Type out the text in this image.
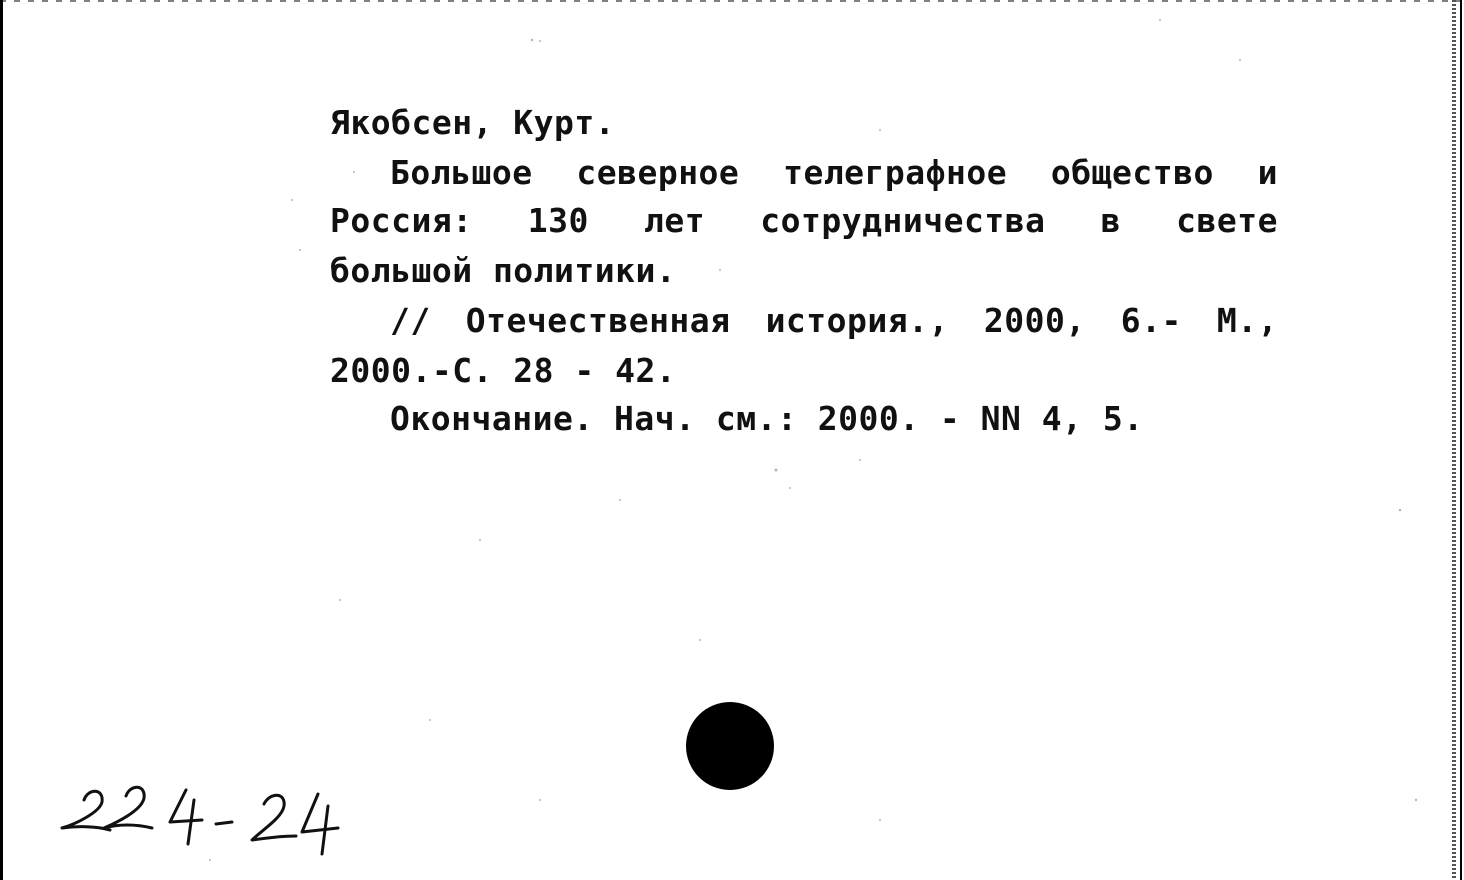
Якобсен, Курт.
Большое северное телеграфное общество и
Россия: 130 лет сотрудничества в свете
большой политики.
// Отечественная история., 2000, 6.- М.,
2000.-С. 28 - 42.
Окончание. Нач. см.: 2000. - NN 4, 5.
